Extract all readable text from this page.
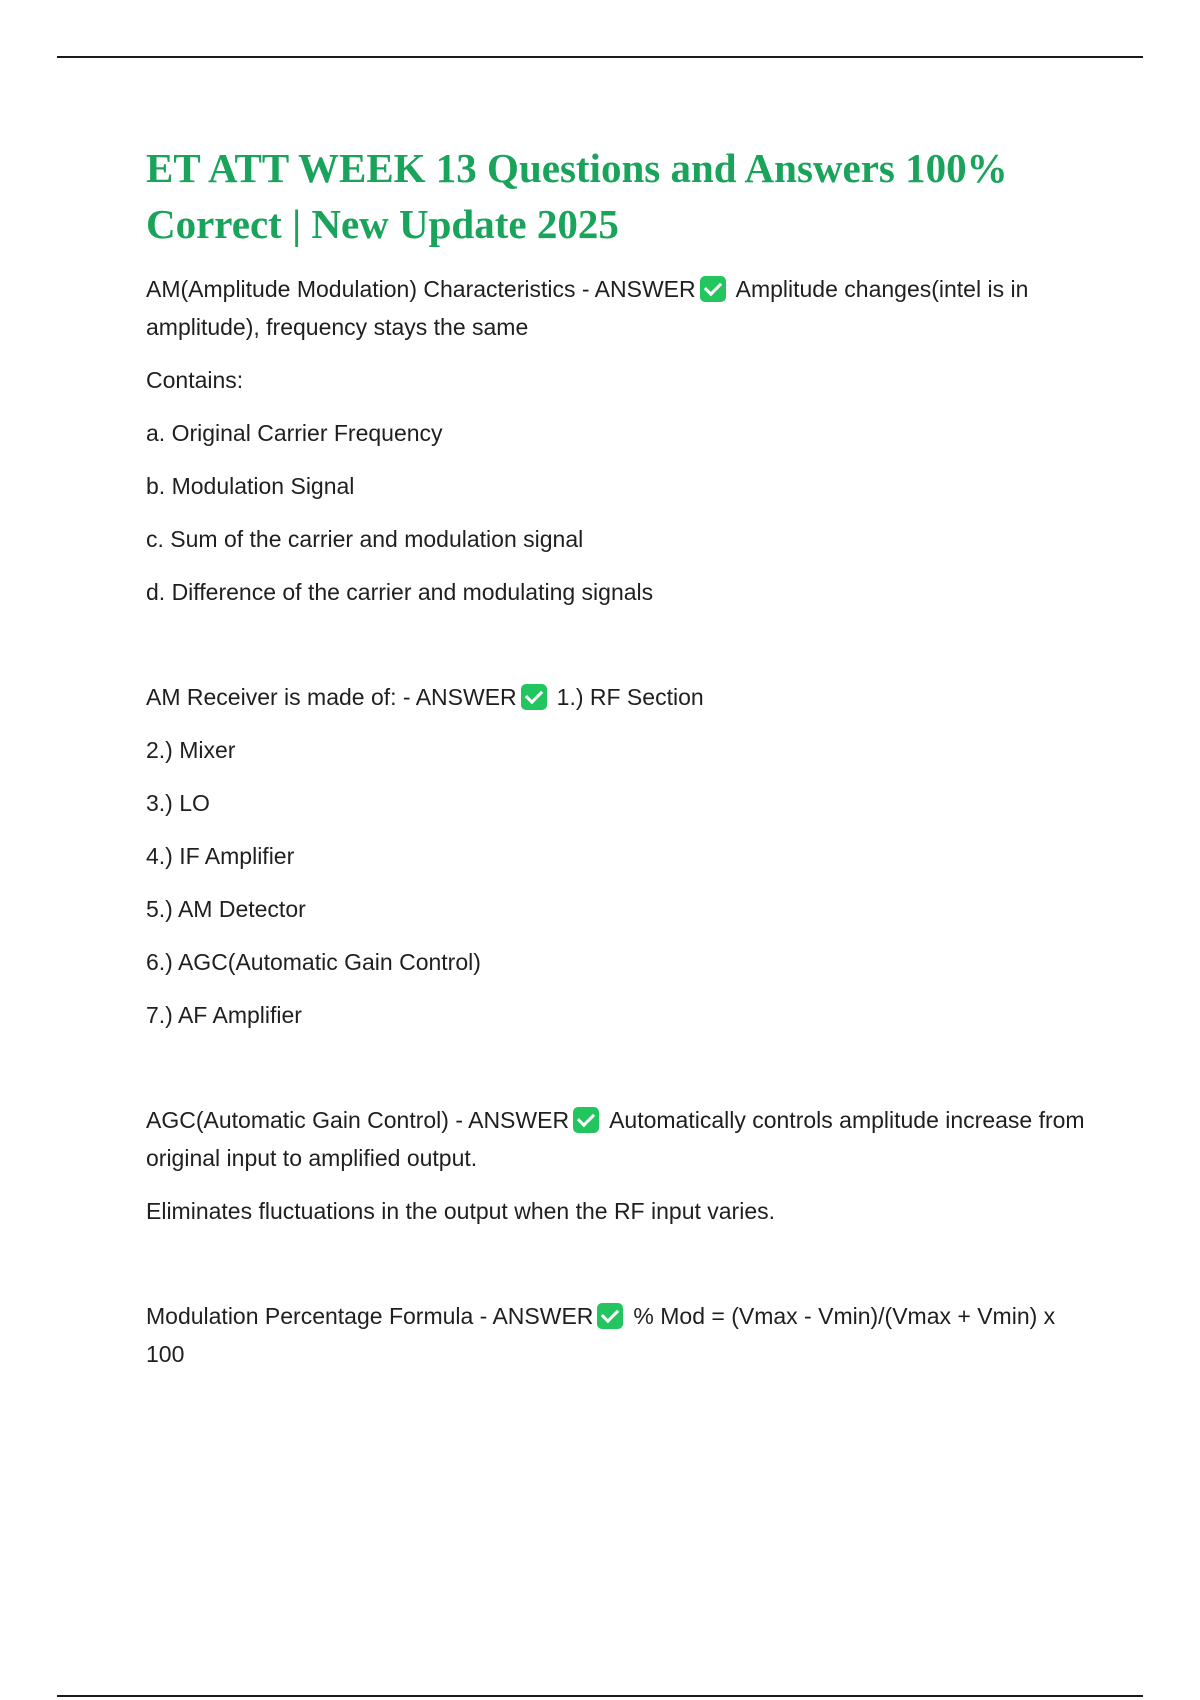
ET ATT WEEK 13 Questions and Answers 100% Correct | New Update 2025

AM(Amplitude Modulation) Characteristics - ANSWER Amplitude changes(intel is in amplitude), frequency stays the same

Contains:

a. Original Carrier Frequency

b. Modulation Signal

c. Sum of the carrier and modulation signal

d. Difference of the carrier and modulating signals

AM Receiver is made of: - ANSWER 1.) RF Section

2.) Mixer

3.) LO

4.) IF Amplifier

5.) AM Detector

6.) AGC(Automatic Gain Control)

7.) AF Amplifier

AGC(Automatic Gain Control) - ANSWER Automatically controls amplitude increase from original input to amplified output.

Eliminates fluctuations in the output when the RF input varies.

Modulation Percentage Formula - ANSWER % Mod = (Vmax - Vmin)/(Vmax + Vmin) x 100
